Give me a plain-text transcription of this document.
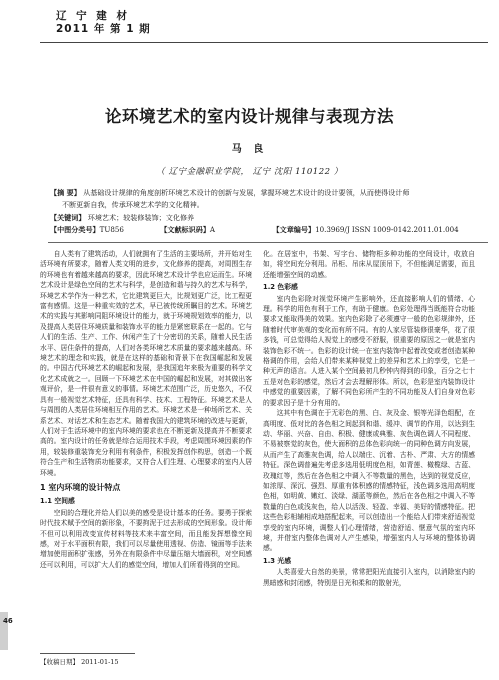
辽 宁 建 材
2011 年 第 1 期
论环境艺术的室内设计规律与表现方法
马 良
（ 辽宁金融职业学院， 辽宁 沈阳 110122 ）
【摘 要】 从基础设计规律的角度剖析环境艺术设计的创新与发展，掌握环境艺术设计的设计要领，从而使得设计师
不断更新自我，传承环境艺术学的文化精神。
【关键词】 环境艺术；较装修装饰；文化修养
【中图分类号】TU856	【文献标识码】A	【文章编号】10.3969/J ISSN 1009-0142.2011.01.004

自人类有了建筑活动，人们就拥有了生活的主要场所，并开始对生活环境有所要求，随着人类文明的进步，文化修养的提高，对周围生存的环境也有着越来越高的要求，因此环境艺术设计学也应运而生。环境艺术设计是绿色空间的艺术与科学，是创造和谐与持久的艺术与科学，环境艺术学作为一种艺术，它比建筑更巨大，比规划更广泛，比工程更富有感情。这是一种重实效的艺术，早已被传统所瞩目的艺术。环境艺术的实践与其影响同阻环境设计的能力，就于环境规划效率的能力，以及提高人类居住环境质量和装饰水平的能力是紧密联系在一起的。它与人们的生活、生产、工作、休闲产生了十分密切的关系，随着人民生活水平、居住条件的提高，人们对各类环境艺术质量的要求越来越高。环境艺术的理念和实践，就是在这样的基础和背景下在我国崛起和发展的。中国古代环境艺术的崛起和发展，是我国追年来极为重要的科学文化艺术成就之一。回顾一下环境艺术在中国的崛起和发展，对其做出客观评价，是一件很有意义的事情。环境艺术范围广泛，历史悠久，不仅具有一般视觉艺术特征，还具有科学、技术、工程特征。环境艺术是人与周围的人类居住环境相互作用的艺术。环境艺术是一种场所艺术、关系艺术、对话艺术和生态艺术。随着我国大的建筑环境的改进与更新，人们对于生活环境中的室内环境的要求也在不断更新及提高并不断要求高的。室内设计的任务就是综合运用技术手段，考虑周围环境因素的作用，较装修重装饰充分利用有利条件，积极发挥创作构思，创造一个既符合生产和生活物质功能要求，又符合人们生理、心理要求的室内人居环境。

1 室内环境的设计特点
1.1 空间感

空间的合理化并给人们以美的感受是设计基本的任务。要勇于探索时代技术赋予空间的新形象，不要拘泥于过去形成的空间形象。设计师不但可以利用改变宣传材料等技术来丰富空间，而且能发挥想像空间感，对于水平面积有限，我们可以尽量使用透视、仿造、镜面等手法来增加使用面积扩张感，另外在有限条件中尽量压缩大墙面积，对空间感还可以利用，可以扩大人们的感觉空间，增加人们所看得到的空间。

化。在居室中，书架、写字台、储物柜多种功能的空间设计，收放自如，将空间充分利用。吊柜、吊床从屋顶吊下，不但能满足需要，而且还能增强空间的动感。

1.2 色彩感

室内色彩除对视觉环境产生影响外，还直接影响人们的情绪、心理。科学的用色有利于工作，有助于健康。色彩处理得当既能符合功能要求又能取得美的效果。室内色彩除了必须遵守一般的色彩规律外，还随着时代审美观的变化而有所不同。有的人家尽管装修很豪华，花了很多钱，可总觉得给人视觉上的感受不舒服，很重要的原因之一就是室内装饰色彩不统一。色彩的设计统一在室内装饰中起着改变或者创造某种格调的作用，会给人们带来某种视觉上的差异和艺术上的享受，它是一种无声的语言。人进入某个空间最初几秒钟内得到的印象，百分之七十五是对色彩的感觉，然后才会去理解形体。所以，色彩是室内装饰设计中感觉的重要因素，了解不同色彩所产生的不同功能及人们自身对色彩的要求因子是十分有用的。

这其中有色调在于无彩色的黑、白、灰及金、银等光泽色组配，在高明度、低对比的各色相之间起到和谐、缓冲、调节的作用，以达到生动、华丽、兴奋、自由、积极、健康或典雅、灰色调色调人不同程度、不易被察觉的灰色，使大面积的总体色彩向统一的同种色调方向发展，从而产生了高雅灰色调，给人以端庄、沉着、古朴、严肃、大方的情感特征。深色调普遍先考虑多选用低明度色相，如青莲、橄榄绿、古蓝、玫瑰红等，然后在各色相之中调入不等数量的黑色，达到的视觉反应，如浓厚、深沉、强烈、厚重有体积感的情感特征，浅色调多选用高明度色相，如明黄、嫩红、淡绿、湖蓝等颜色，然后在各色相之中调入不等数量的白色或浅灰色，给人以活泼、轻盈、幸福、美好的情感特征。把这些色彩相辅相成地搭配起来，可以创造出一个能给人们带来舒适视觉享受的室内环境，调整人们心理情绪，营造舒适、惬意气氛的室内环境，并借室内整体色调对人产生感染，增强室内人与环境的整体协调感。

1.3 光感

人类喜爱大自然的美景，常常把阳光直接引入室内，以消除室内的黑暗感和封闭感，特别是日光和柔和的散射光，

【收稿日期】 2011-01-15
46
